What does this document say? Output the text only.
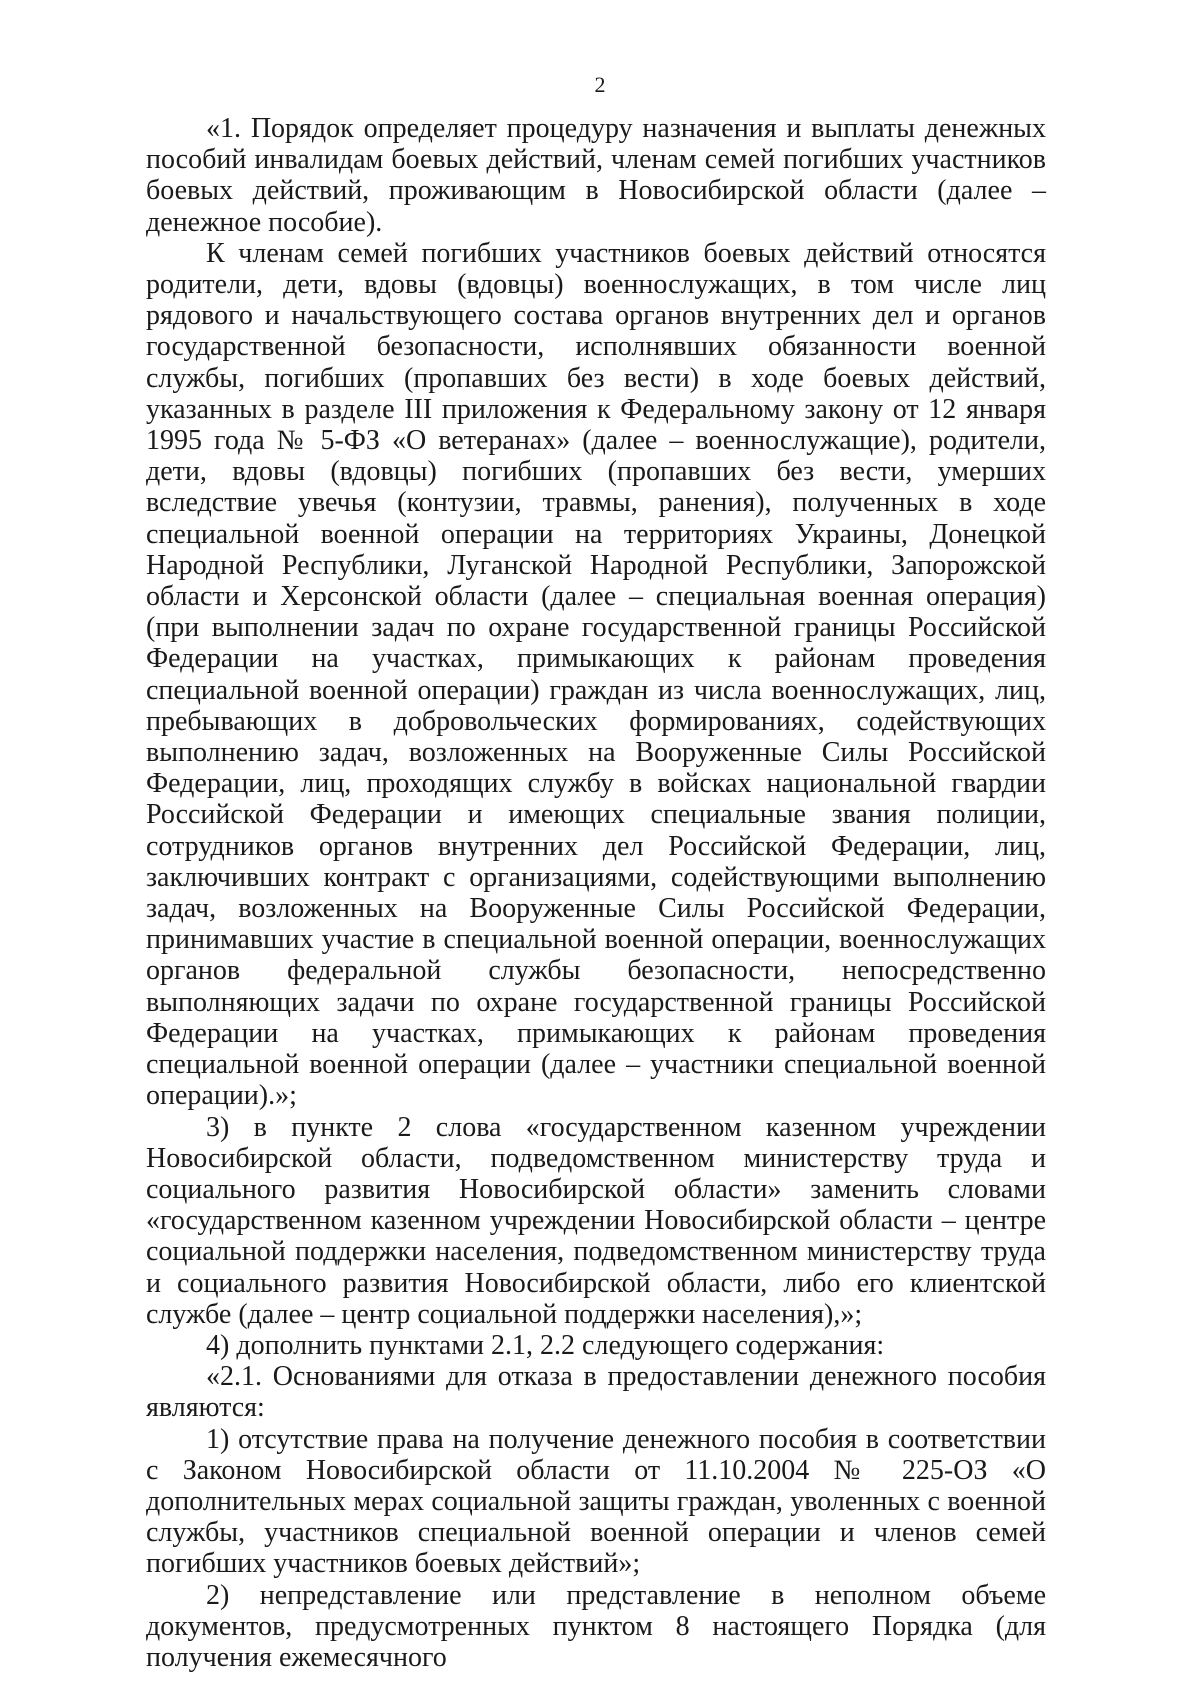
2

«1. Порядок определяет процедуру назначения и выплаты денежных пособий инвалидам боевых действий, членам семей погибших участников боевых действий, проживающим в Новосибирской области (далее – денежное пособие).

К членам семей погибших участников боевых действий относятся родители, дети, вдовы (вдовцы) военнослужащих, в том числе лиц рядового и начальствующего состава органов внутренних дел и органов государственной безопасности, исполнявших обязанности военной службы, погибших (пропавших без вести) в ходе боевых действий, указанных в разделе III приложения к Федеральному закону от 12 января 1995 года № 5-ФЗ «О ветеранах» (далее – военнослужащие), родители, дети, вдовы (вдовцы) погибших (пропавших без вести, умерших вследствие увечья (контузии, травмы, ранения), полученных в ходе специальной военной операции на территориях Украины, Донецкой Народной Республики, Луганской Народной Республики, Запорожской области и Херсонской области (далее – специальная военная операция) (при выполнении задач по охране государственной границы Российской Федерации на участках, примыкающих к районам проведения специальной военной операции) граждан из числа военнослужащих, лиц, пребывающих в добровольческих формированиях, содействующих выполнению задач, возложенных на Вооруженные Силы Российской Федерации, лиц, проходящих службу в войсках национальной гвардии Российской Федерации и имеющих специальные звания полиции, сотрудников органов внутренних дел Российской Федерации, лиц, заключивших контракт с организациями, содействующими выполнению задач, возложенных на Вооруженные Силы Российской Федерации, принимавших участие в специальной военной операции, военнослужащих органов федеральной службы безопасности, непосредственно выполняющих задачи по охране государственной границы Российской Федерации на участках, примыкающих к районам проведения специальной военной операции (далее – участники специальной военной операции).»;

3) в пункте 2 слова «государственном казенном учреждении Новосибирской области, подведомственном министерству труда и социального развития Новосибирской области» заменить словами «государственном казенном учреждении Новосибирской области – центре социальной поддержки населения, подведомственном министерству труда и социального развития Новосибирской области, либо его клиентской службе (далее – центр социальной поддержки населения),»;

4) дополнить пунктами 2.1, 2.2 следующего содержания:

«2.1. Основаниями для отказа в предоставлении денежного пособия являются:

1) отсутствие права на получение денежного пособия в соответствии с Законом Новосибирской области от 11.10.2004 № 225-ОЗ «О дополнительных мерах социальной защиты граждан, уволенных с военной службы, участников специальной военной операции и членов семей погибших участников боевых действий»;

2) непредставление или представление в неполном объеме документов, предусмотренных пунктом 8 настоящего Порядка (для получения ежемесячного
